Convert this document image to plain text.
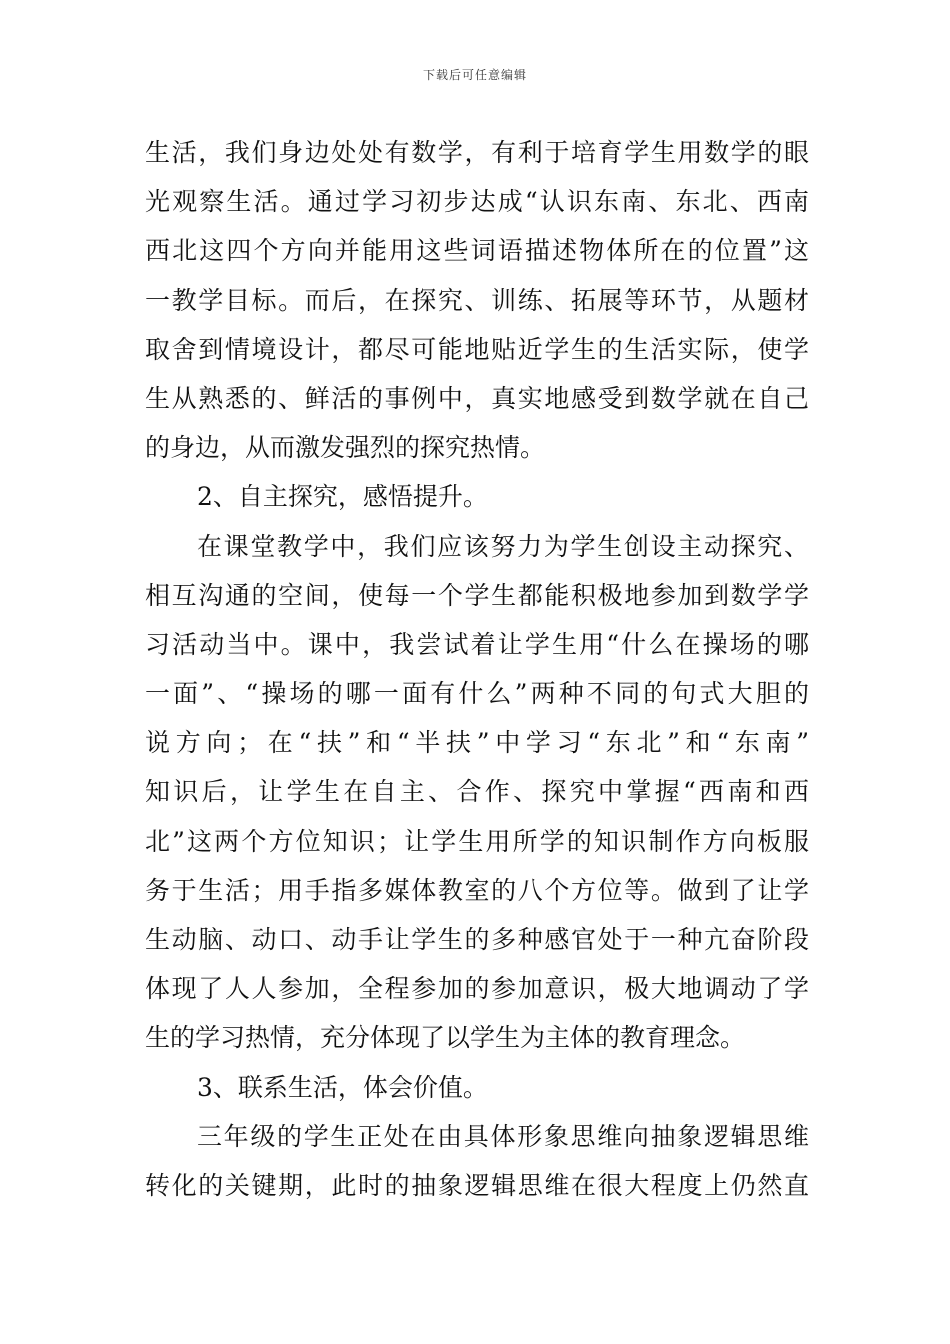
下载后可任意编辑
生活，我们身边处处有数学，有利于培育学生用数学的眼
光观察生活。通过学习初步达成“认识东南、东北、西南
西北这四个方向并能用这些词语描述物体所在的位置”这
一教学目标。而后，在探究、训练、拓展等环节，从题材
取舍到情境设计，都尽可能地贴近学生的生活实际，使学
生从熟悉的、鲜活的事例中，真实地感受到数学就在自己
的身边，从而激发强烈的探究热情。
2、自主探究，感悟提升。
在课堂教学中，我们应该努力为学生创设主动探究、
相互沟通的空间，使每一个学生都能积极地参加到数学学
习活动当中。课中，我尝试着让学生用“什么在操场的哪
一面”、“操场的哪一面有什么”两种不同的句式大胆的
说方向；在“扶”和“半扶”中学习“东北”和“东南”
知识后，让学生在自主、合作、探究中掌握“西南和西
北”这两个方位知识；让学生用所学的知识制作方向板服
务于生活；用手指多媒体教室的八个方位等。做到了让学
生动脑、动口、动手让学生的多种感官处于一种亢奋阶段
体现了人人参加，全程参加的参加意识，极大地调动了学
生的学习热情，充分体现了以学生为主体的教育理念。
3、联系生活，体会价值。
三年级的学生正处在由具体形象思维向抽象逻辑思维
转化的关键期，此时的抽象逻辑思维在很大程度上仍然直
